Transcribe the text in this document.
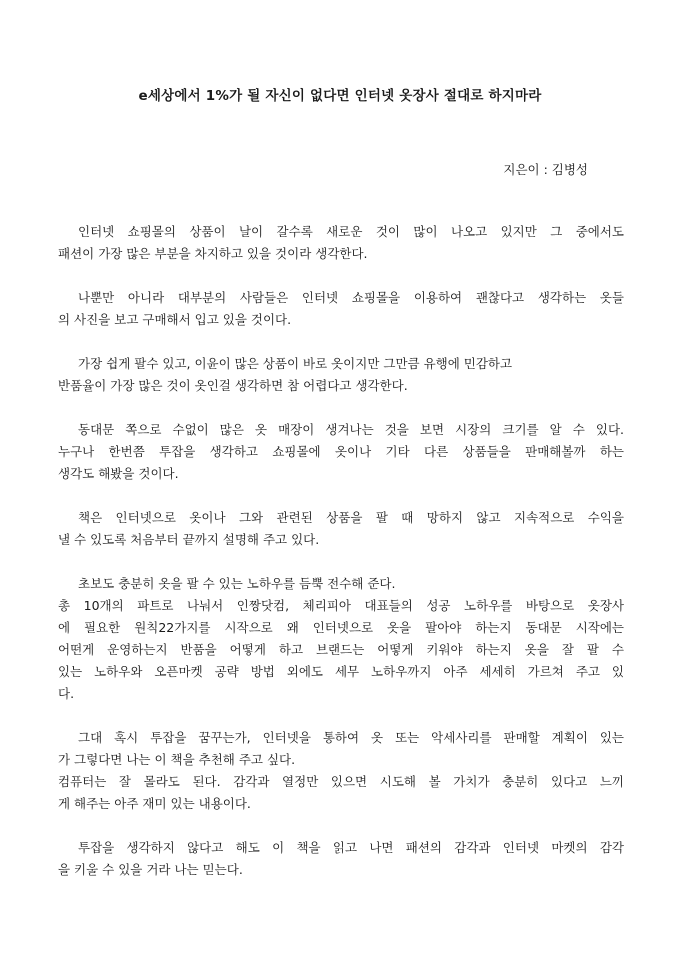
e세상에서 1%가 될 자신이 없다면 인터넷 옷장사 절대로 하지마라
지은이 : 김병성
인터넷 쇼핑몰의 상품이 날이 갈수록 새로운 것이 많이 나오고 있지만 그 중에서도
패션이 가장 많은 부분을 차지하고 있을 것이라 생각한다.
나뿐만 아니라 대부분의 사람들은 인터넷 쇼핑몰을 이용하여 괜찮다고 생각하는 옷들
의 사진을 보고 구매해서 입고 있을 것이다.
가장 쉽게 팔수 있고, 이윤이 많은 상품이 바로 옷이지만 그만큼 유행에 민감하고
반품율이 가장 많은 것이 옷인걸 생각하면 참 어렵다고 생각한다.
동대문 쪽으로 수없이 많은 옷 매장이 생겨나는 것을 보면 시장의 크기를 알 수 있다.
누구나 한번쯤 투잡을 생각하고 쇼핑몰에 옷이나 기타 다른 상품들을 판매해볼까 하는
생각도 해봤을 것이다.
책은 인터넷으로 옷이나 그와 관련된 상품을 팔 때 망하지 않고 지속적으로 수익을
낼 수 있도록 처음부터 끝까지 설명해 주고 있다.
초보도 충분히 옷을 팔 수 있는 노하우를 듬뿍 전수해 준다.
총 10개의 파트로 나눠서 인짱닷컴, 체리피아 대표들의 성공 노하우를 바탕으로 옷장사
에 필요한 원칙22가지를 시작으로 왜 인터넷으로 옷을 팔아야 하는지 동대문 시작에는
어떤게 운영하는지 반품을 어떻게 하고 브랜드는 어떻게 키워야 하는지 옷을 잘 팔 수
있는 노하우와 오픈마켓 공략 방법 외에도 세무 노하우까지 아주 세세히 가르쳐 주고 있
다.
그대 혹시 투잡을 꿈꾸는가, 인터넷을 통하여 옷 또는 악세사리를 판매할 계획이 있는
가 그렇다면 나는 이 책을 추천해 주고 싶다.
컴퓨터는 잘 몰라도 된다. 감각과 열정만 있으면 시도해 볼 가치가 충분히 있다고 느끼
게 해주는 아주 재미 있는 내용이다.
투잡을 생각하지 않다고 해도 이 책을 읽고 나면 패션의 감각과 인터넷 마켓의 감각
을 키울 수 있을 거라 나는 믿는다.
